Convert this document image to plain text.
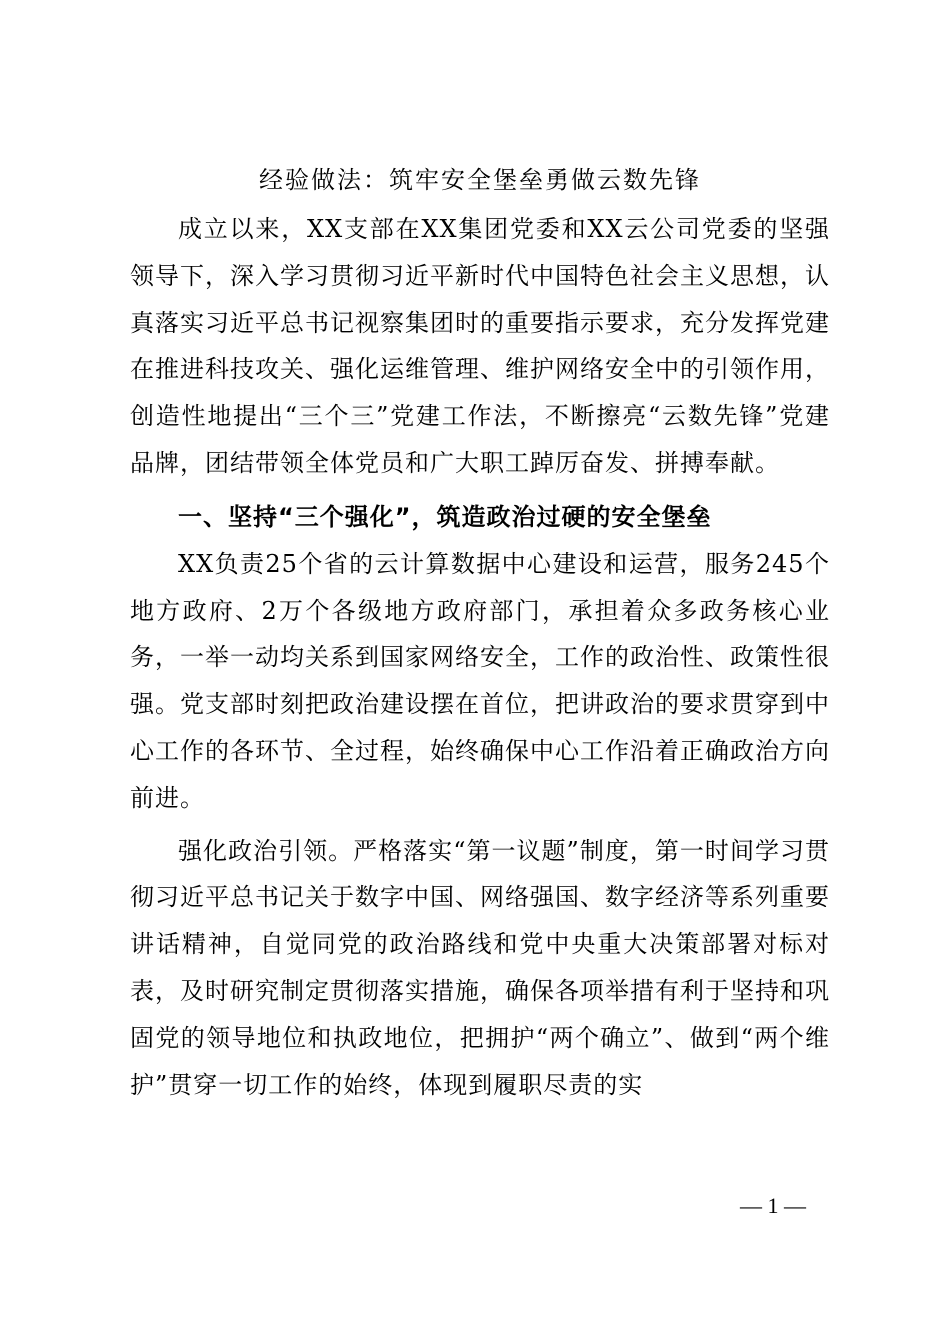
经验做法：筑牢安全堡垒勇做云数先锋

成立以来，XX支部在XX集团党委和XX云公司党委的坚强领导下，深入学习贯彻习近平新时代中国特色社会主义思想，认真落实习近平总书记视察集团时的重要指示要求，充分发挥党建在推进科技攻关、强化运维管理、维护网络安全中的引领作用，创造性地提出“三个三”党建工作法，不断擦亮“云数先锋”党建品牌，团结带领全体党员和广大职工踔厉奋发、拼搏奉献。

一、坚持“三个强化”，筑造政治过硬的安全堡垒

XX负责25个省的云计算数据中心建设和运营，服务245个地方政府、2万个各级地方政府部门，承担着众多政务核心业务，一举一动均关系到国家网络安全，工作的政治性、政策性很强。党支部时刻把政治建设摆在首位，把讲政治的要求贯穿到中心工作的各环节、全过程，始终确保中心工作沿着正确政治方向前进。

强化政治引领。严格落实“第一议题”制度，第一时间学习贯彻习近平总书记关于数字中国、网络强国、数字经济等系列重要讲话精神，自觉同党的政治路线和党中央重大决策部署对标对表，及时研究制定贯彻落实措施，确保各项举措有利于坚持和巩固党的领导地位和执政地位，把拥护“两个确立”、做到“两个维护”贯穿一切工作的始终，体现到履职尽责的实

— 1 —
